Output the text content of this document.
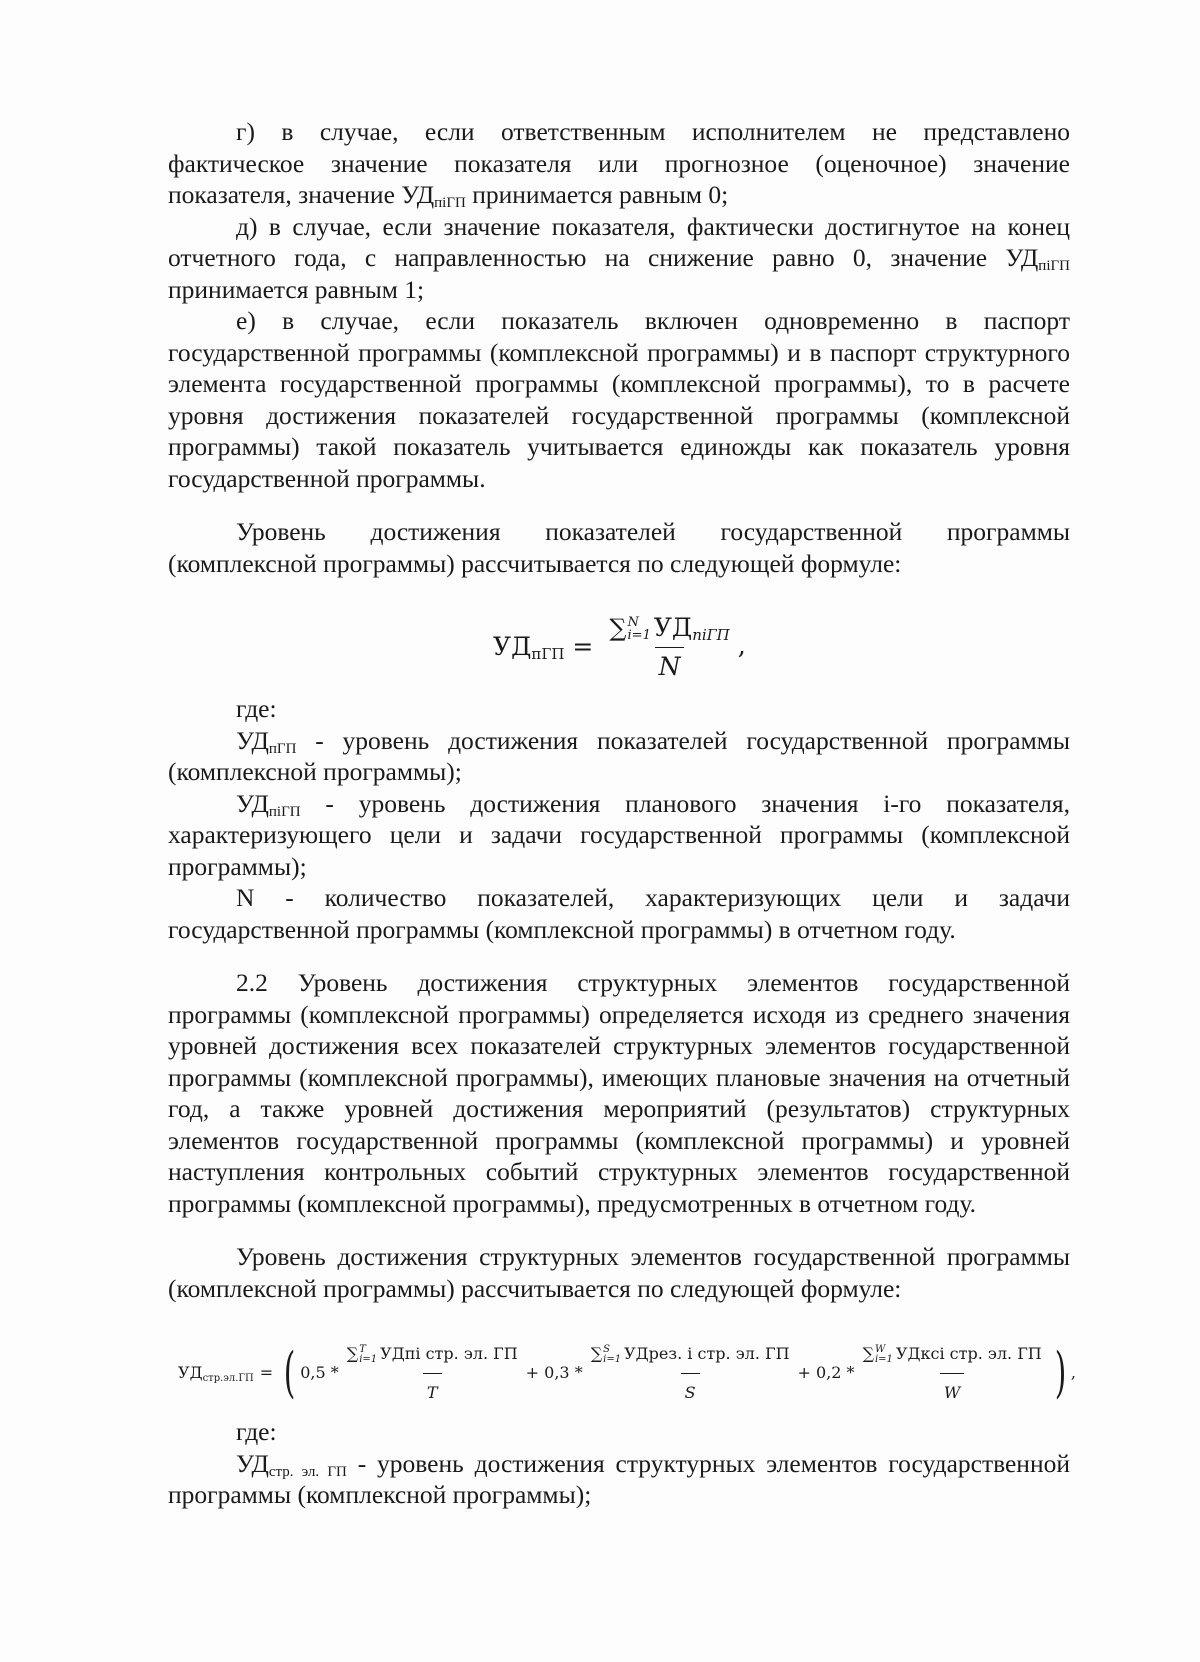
г) в случае, если ответственным исполнителем не представлено фактическое значение показателя или прогнозное (оценочное) значение показателя, значение $УД_{пiГП}$ принимается равным 0;

д) в случае, если значение показателя, фактически достигнутое на конец отчетного года, с направленностью на снижение равно 0, значение $УД_{пiГП}$ принимается равным 1;

е) в случае, если показатель включен одновременно в паспорт государственной программы (комплексной программы) и в паспорт структурного элемента государственной программы (комплексной программы), то в расчете уровня достижения показателей государственной программы (комплексной программы) такой показатель учитывается единожды как показатель уровня государственной программы.

Уровень достижения показателей государственной программы (комплексной программы) рассчитывается по следующей формуле:

$УД_{пГП}$ = ∑ N
i=1 $УД_{пiГП}$
N ,

где:

$УД_{пГП}$ - уровень достижения показателей государственной программы (комплексной программы);

$УД_{пiГП}$ - уровень достижения планового значения i-го показателя, характеризующего цели и задачи государственной программы (комплексной программы);

N - количество показателей, характеризующих цели и задачи государственной программы (комплексной программы) в отчетном году.

2.2 Уровень достижения структурных элементов государственной программы (комплексной программы) определяется исходя из среднего значения уровней достижения всех показателей структурных элементов государственной программы (комплексной программы), имеющих плановые значения на отчетный год, а также уровней достижения мероприятий (результатов) структурных элементов государственной программы (комплексной программы) и уровней наступления контрольных событий структурных элементов государственной программы (комплексной программы), предусмотренных в отчетном году.

Уровень достижения структурных элементов государственной программы (комплексной программы) рассчитывается по следующей формуле:

$УД_{стр.эл.ГП}$ = ( 0,5 * ∑ T
i=1 УДпi стр. эл. ГП
T + 0,3 * ∑ S
i=1 УДрез. i стр. эл. ГП
S + 0,2 * ∑ W
i=1 УДксi стр. эл. ГП
W ) ,

где:

$УД_{стр. эл. ГП}$ - уровень достижения структурных элементов государственной программы (комплексной программы);
